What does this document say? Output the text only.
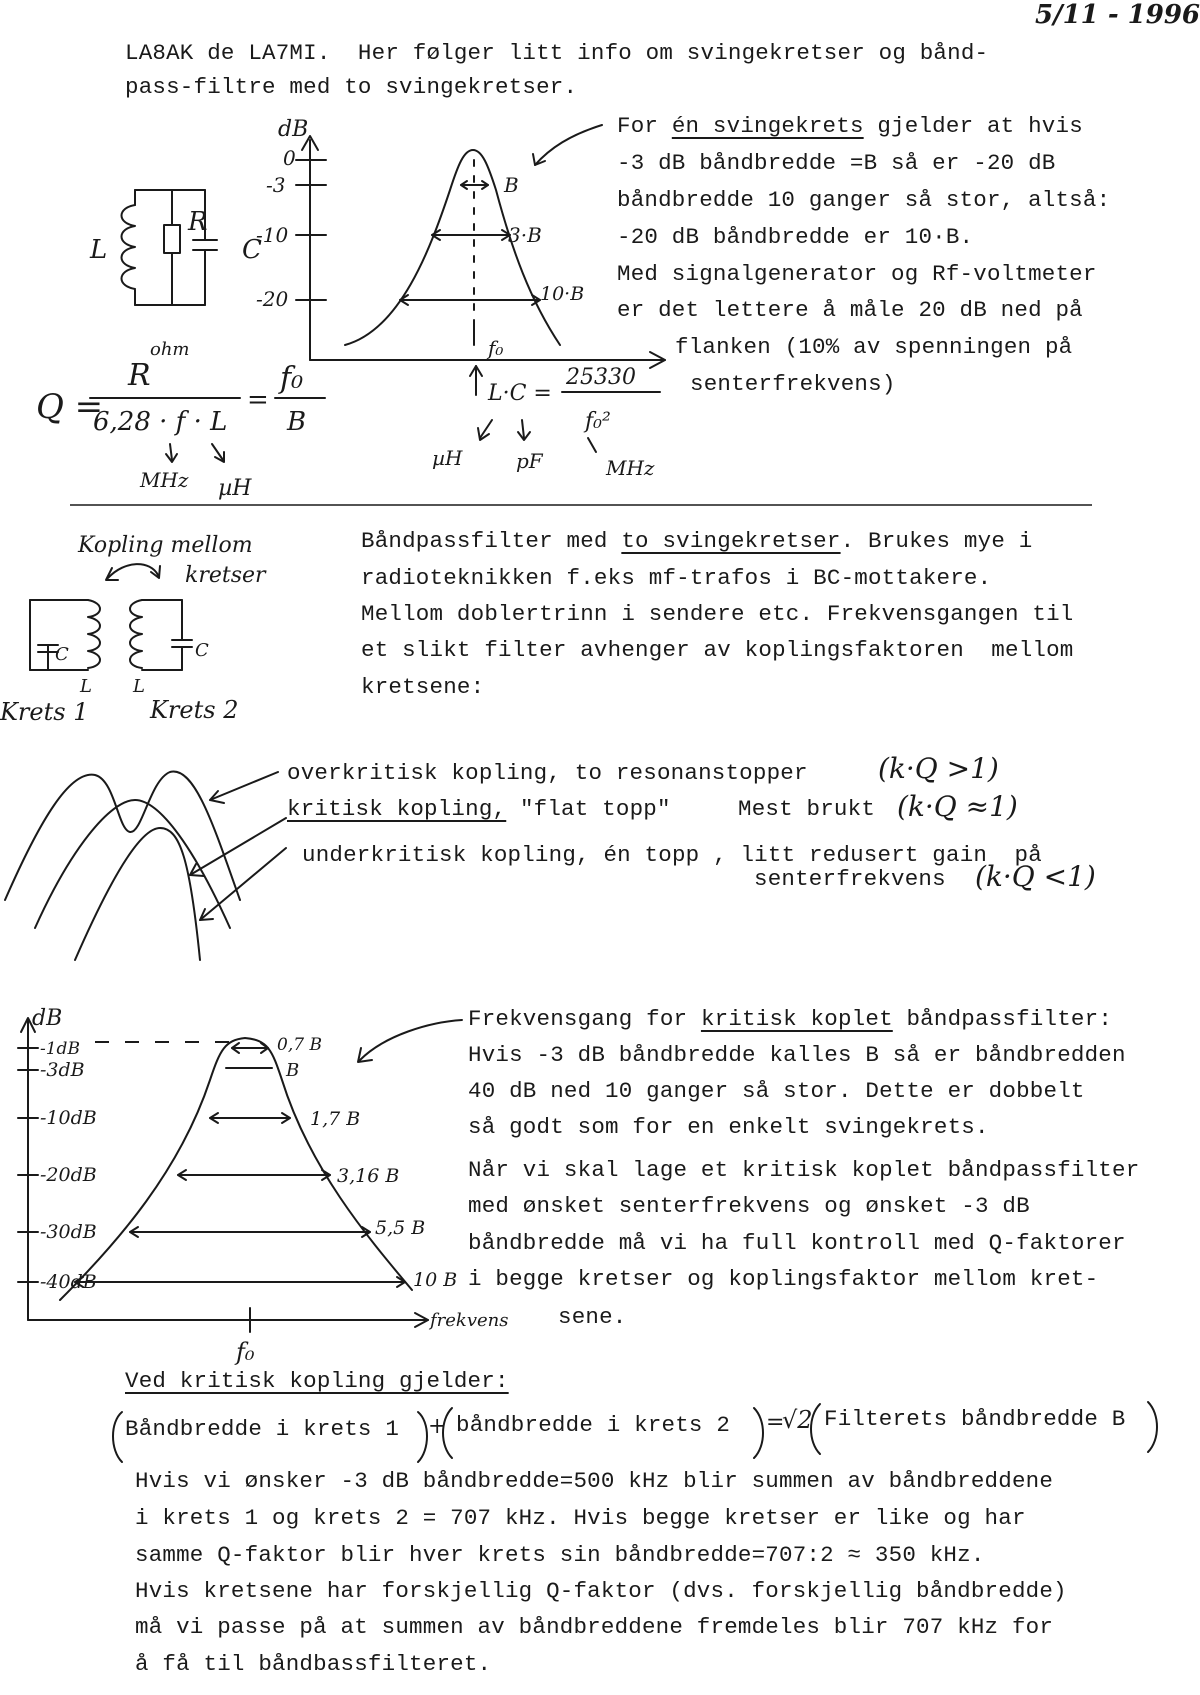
5/11 - 1996
LA8AK de LA7MI.  Her følger litt info om svingekretser og bånd-
pass-filtre med to svingekretser.
For én svingekrets gjelder at hvis
-3 dB båndbredde =B så er -20 dB
båndbredde 10 ganger så stor, altså:
-20 dB båndbredde er 10·B.
Med signalgenerator og Rf-voltmeter
er det lettere å måle 20 dB ned på
flanken (10% av spenningen på
senterfrekvens)
dB
0
-3
-10
-20
B
3·B
10·B
f₀
L
R
C
Q =
ohm
R
6,28 · f · L
=
f₀
B
MHz µH
L·C =
25330
f₀²
µH	pF	MHz
Kopling mellom
kretser
C	C
L L
Krets 1	Krets 2
dB
-1dB
-3dB
-10dB
-20dB
-30dB
-40dB
0,7 B
B
1,7 B
3,16 B
5,5 B
10 B
frekvens
f₀
Båndpassfilter med to svingekretser. Brukes mye i
radioteknikken f.eks mf-trafos i BC-mottakere.
Mellom doblertrinn i sendere etc. Frekvensgangen til
et slikt filter avhenger av koplingsfaktoren  mellom
kretsene:
overkritisk kopling, to resonanstopper	(k·Q >1)
kritisk kopling, "flat topp"	Mest brukt (k·Q ≈1)
underkritisk kopling, én topp , litt redusert gain  på
senterfrekvens (k·Q <1)
Frekvensgang for kritisk koplet båndpassfilter:
Hvis -3 dB båndbredde kalles B så er båndbredden
40 dB ned 10 ganger så stor. Dette er dobbelt
så godt som for en enkelt svingekrets.
Når vi skal lage et kritisk koplet båndpassfilter
med ønsket senterfrekvens og ønsket -3 dB
båndbredde må vi ha full kontroll med Q-faktorer
i begge kretser og koplingsfaktor mellom kret-
sene.
Ved kritisk kopling gjelder:
Båndbredde i krets 1 + båndbredde i krets 2 =
√2 Filterets båndbredde B
Hvis vi ønsker -3 dB båndbredde=500 kHz blir summen av båndbreddene
i krets 1 og krets 2 = 707 kHz. Hvis begge kretser er like og har
samme Q-faktor blir hver krets sin båndbredde=707:2 ≈ 350 kHz.
Hvis kretsene har forskjellig Q-faktor (dvs. forskjellig båndbredde)
må vi passe på at summen av båndbreddene fremdeles blir 707 kHz for
å få til båndbassfilteret.
